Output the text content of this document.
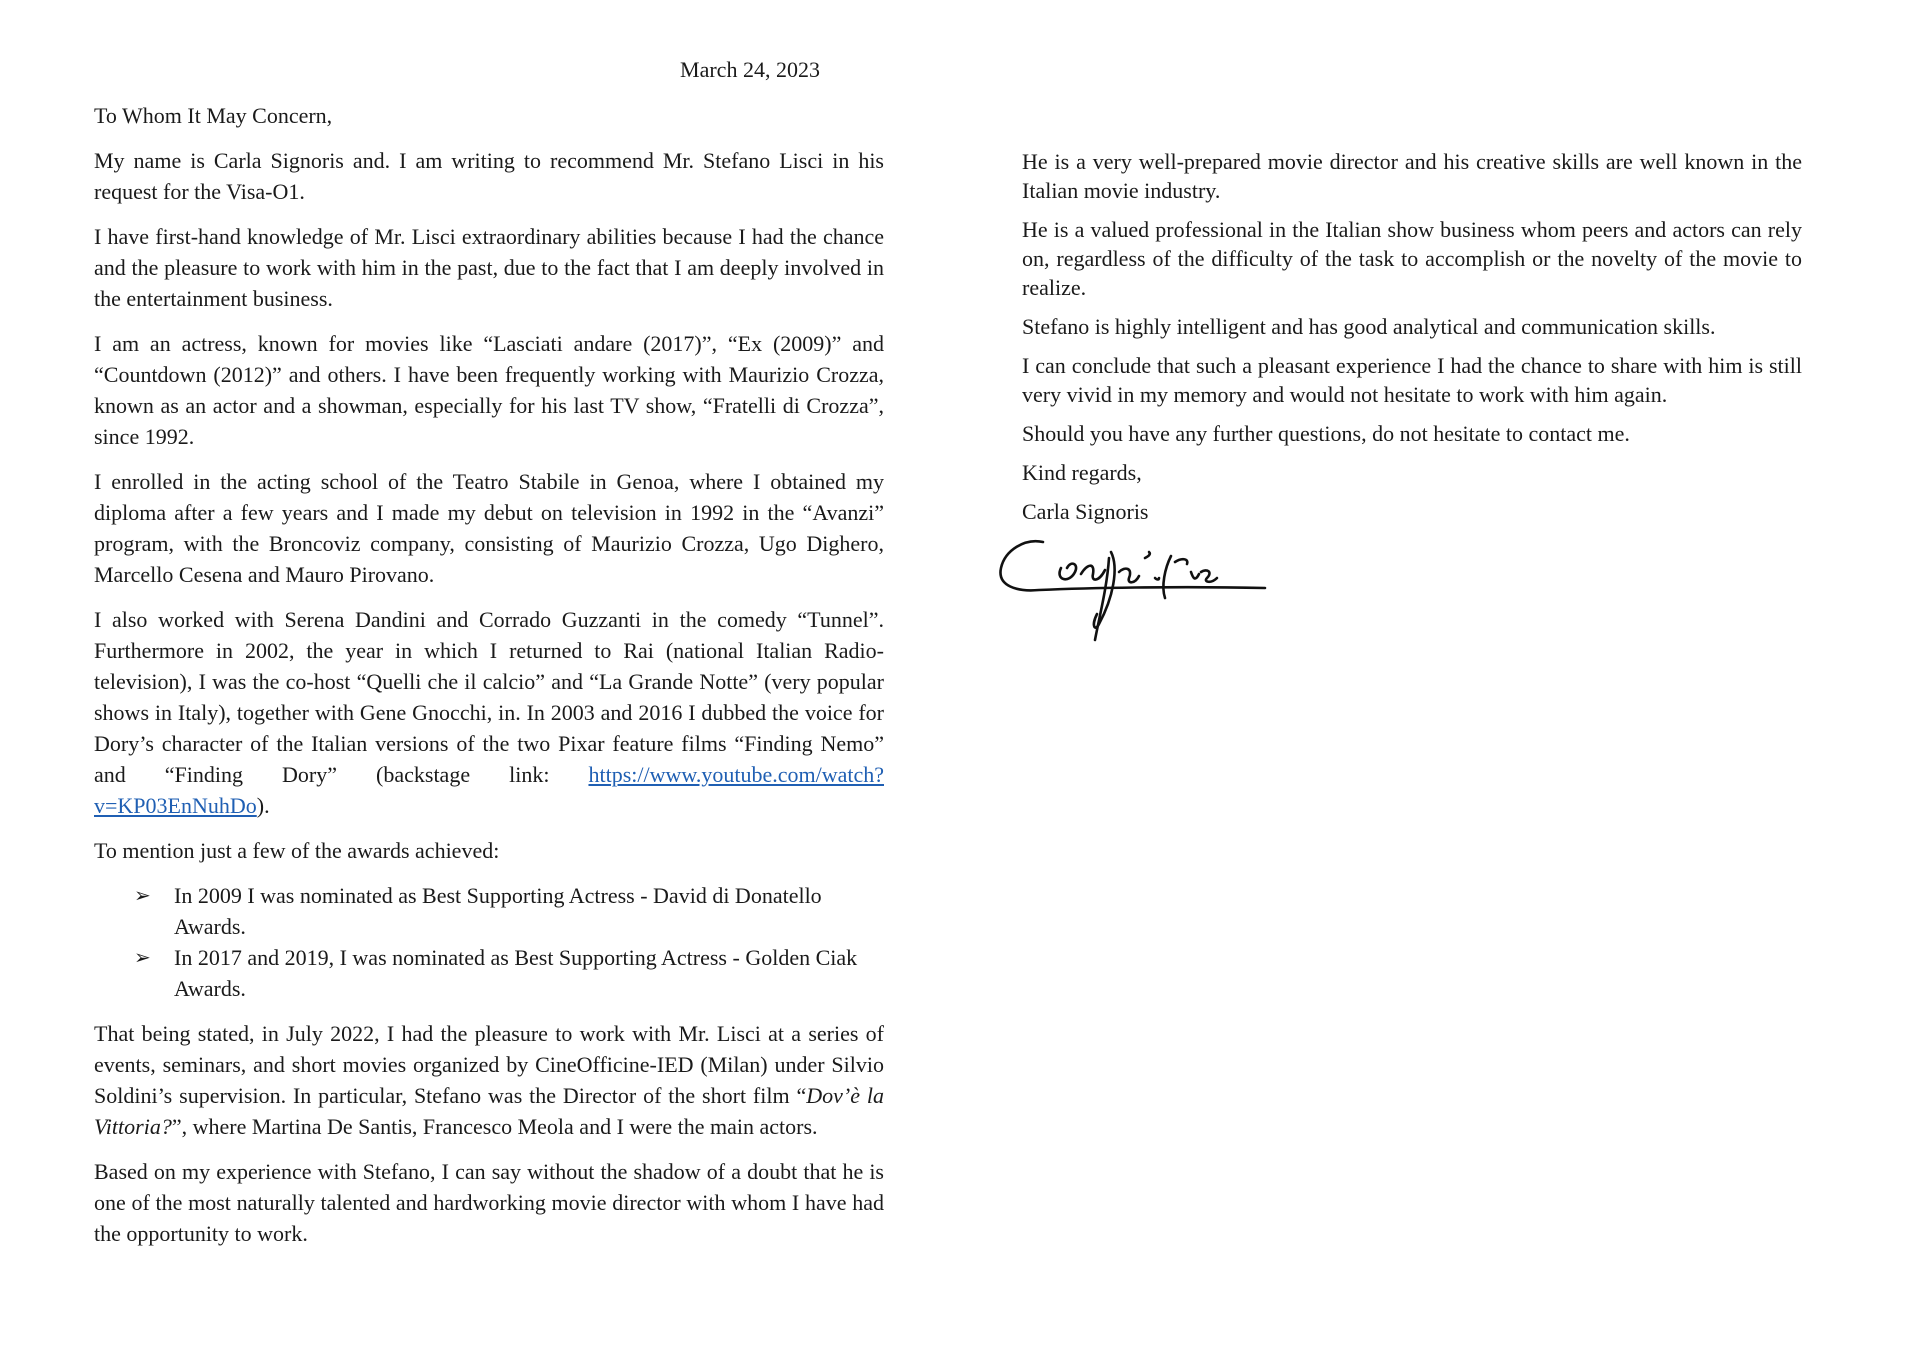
March 24, 2023

To Whom It May Concern,

My name is Carla Signoris and. I am writing to recommend Mr. Stefano Lisci in his request for the Visa-O1.

I have first-hand knowledge of Mr. Lisci extraordinary abilities because I had the chance and the pleasure to work with him in the past, due to the fact that I am deeply involved in the entertainment business.

I am an actress, known for movies like “Lasciati andare (2017)”, “Ex (2009)” and “Countdown (2012)” and others. I have been frequently working with Maurizio Crozza, known as an actor and a showman, especially for his last TV show, “Fratelli di Crozza”, since 1992.

I enrolled in the acting school of the Teatro Stabile in Genoa, where I obtained my diploma after a few years and I made my debut on television in 1992 in the “Avanzi” program, with the Broncoviz company, consisting of Maurizio Crozza, Ugo Dighero, Marcello Cesena and Mauro Pirovano.

I also worked with Serena Dandini and Corrado Guzzanti in the comedy “Tunnel”. Furthermore in 2002, the year in which I returned to Rai (national Italian Radio-television), I was the co-host “Quelli che il calcio” and “La Grande Notte” (very popular shows in Italy), together with Gene Gnocchi, in. In 2003 and 2016 I dubbed the voice for Dory’s character of the Italian versions of the two Pixar feature films “Finding Nemo” and “Finding Dory” (backstage link: https://www.youtube.com/watch?v=KP03EnNuhDo).

To mention just a few of the awards achieved:

➢ In 2009 I was nominated as Best Supporting Actress - David di Donatello Awards.
➢ In 2017 and 2019, I was nominated as Best Supporting Actress - Golden Ciak Awards.

That being stated, in July 2022, I had the pleasure to work with Mr. Lisci at a series of events, seminars, and short movies organized by CineOfficine-IED (Milan) under Silvio Soldini’s supervision. In particular, Stefano was the Director of the short film “Dov’è la Vittoria?”, where Martina De Santis, Francesco Meola and I were the main actors.

Based on my experience with Stefano, I can say without the shadow of a doubt that he is one of the most naturally talented and hardworking movie director with whom I have had the opportunity to work.

He is a very well-prepared movie director and his creative skills are well known in the Italian movie industry.

He is a valued professional in the Italian show business whom peers and actors can rely on, regardless of the difficulty of the task to accomplish or the novelty of the movie to realize.

Stefano is highly intelligent and has good analytical and communication skills.

I can conclude that such a pleasant experience I had the chance to share with him is still very vivid in my memory and would not hesitate to work with him again.

Should you have any further questions, do not hesitate to contact me.

Kind regards,

Carla Signoris
